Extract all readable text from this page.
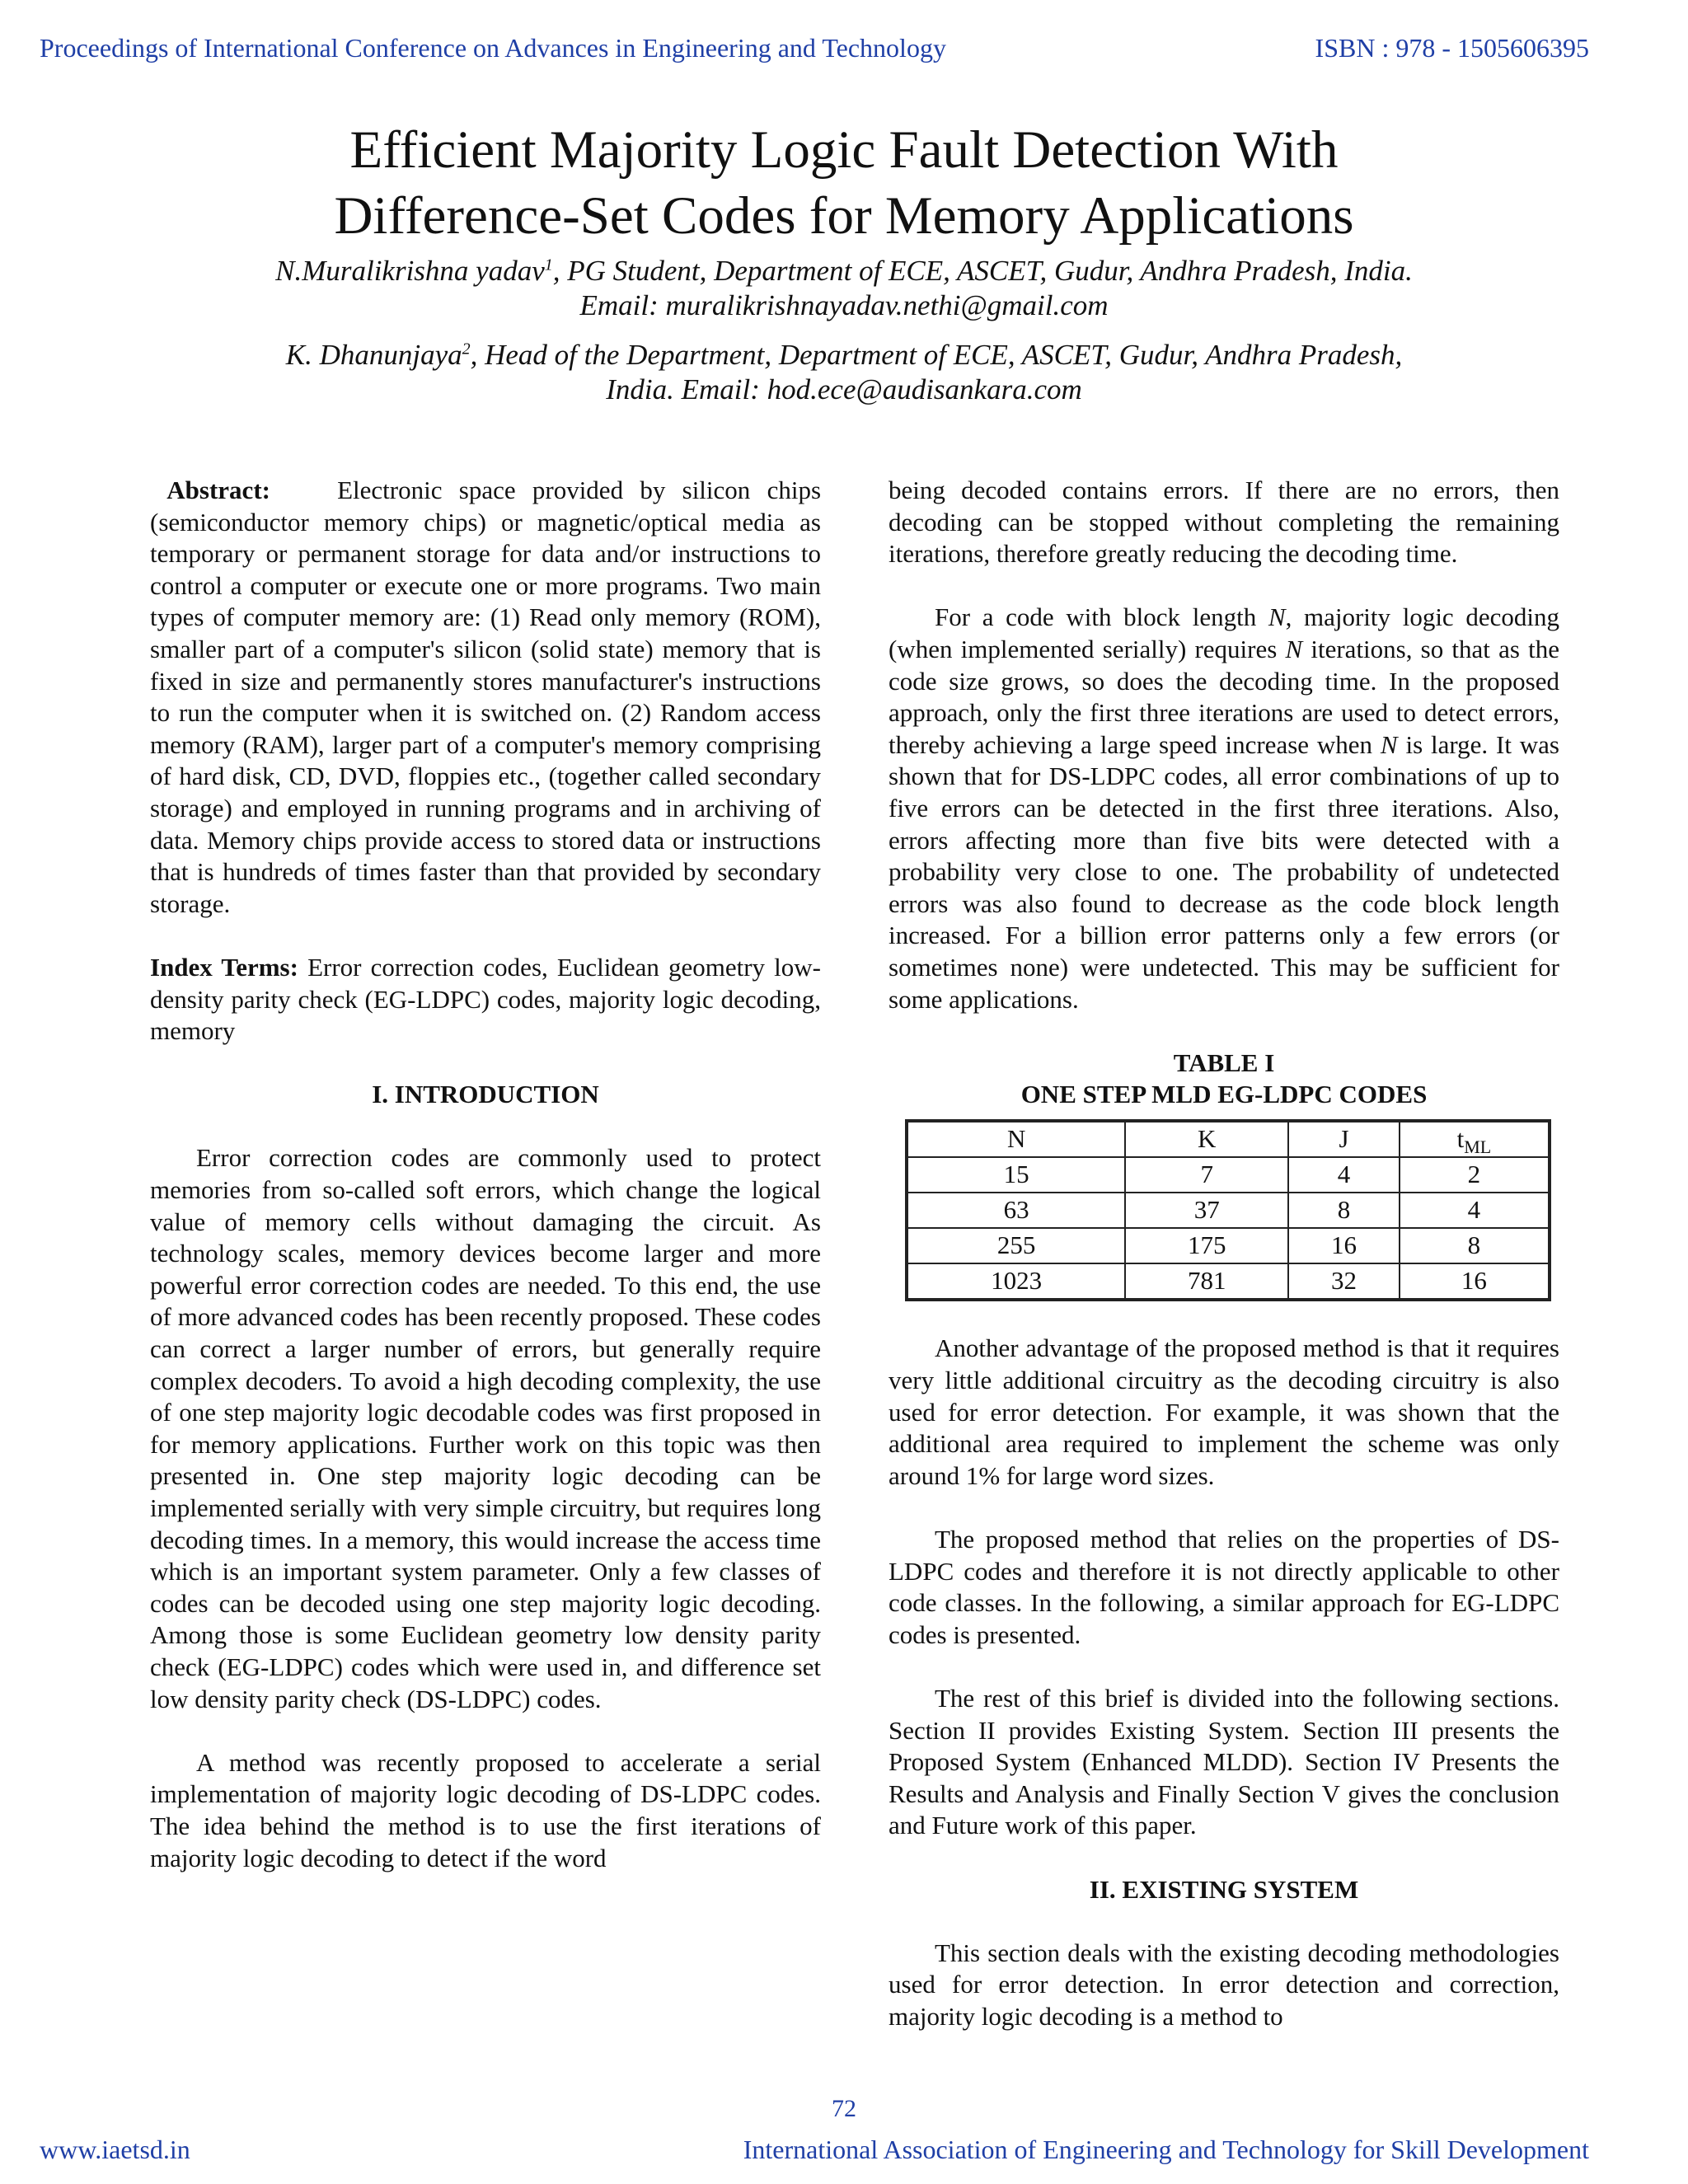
Proceedings of International Conference on Advances in Engineering and Technology	ISBN : 978 - 1505606395
Efficient Majority Logic Fault Detection With
Difference-Set Codes for Memory Applications
N.Muralikrishna yadav$^1$, PG Student, Department of ECE, ASCET, Gudur, Andhra Pradesh, India.
Email: muralikrishnayadav.nethi@gmail.com
K. Dhanunjaya$^2$, Head of the Department, Department of ECE, ASCET, Gudur, Andhra Pradesh,
India. Email: hod.ece@audisankara.com

Abstract:	Electronic space provided by silicon chips (semiconductor memory chips) or magnetic/optical media as temporary or permanent storage for data and/or instructions to control a computer or execute one or more programs. Two main types of computer memory are: (1) Read only memory (ROM), smaller part of a computer's silicon (solid state) memory that is fixed in size and permanently stores manufacturer's instructions to run the computer when it is switched on. (2) Random access memory (RAM), larger part of a computer's memory comprising of hard disk, CD, DVD, floppies etc., (together called secondary storage) and employed in running programs and in archiving of data. Memory chips provide access to stored data or instructions that is hundreds of times faster than that provided by secondary storage.

Index Terms: Error correction codes, Euclidean geometry low-density parity check (EG-LDPC) codes, majority logic decoding, memory

I. INTRODUCTION

Error correction codes are commonly used to protect memories from so-called soft errors, which change the logical value of memory cells without damaging the circuit. As technology scales, memory devices become larger and more powerful error correction codes are needed. To this end, the use of more advanced codes has been recently proposed. These codes can correct a larger number of errors, but generally require complex decoders. To avoid a high decoding complexity, the use of one step majority logic decodable codes was first proposed in for memory applications. Further work on this topic was then presented in. One step majority logic decoding can be implemented serially with very simple circuitry, but requires long decoding times. In a memory, this would increase the access time which is an important system parameter. Only a few classes of codes can be decoded using one step majority logic decoding. Among those is some Euclidean geometry low density parity check (EG-LDPC) codes which were used in, and difference set low density parity check (DS-LDPC) codes.

A method was recently proposed to accelerate a serial implementation of majority logic decoding of DS-LDPC codes. The idea behind the method is to use the first iterations of majority logic decoding to detect if the word

being decoded contains errors. If there are no errors, then decoding can be stopped without completing the remaining iterations, therefore greatly reducing the decoding time.

For a code with block length N, majority logic decoding (when implemented serially) requires N iterations, so that as the code size grows, so does the decoding time. In the proposed approach, only the first three iterations are used to detect errors, thereby achieving a large speed increase when N is large. It was shown that for DS-LDPC codes, all error combinations of up to five errors can be detected in the first three iterations. Also, errors affecting more than five bits were detected with a probability very close to one. The probability of undetected errors was also found to decrease as the code block length increased. For a billion error patterns only a few errors (or sometimes none) were undetected. This may be sufficient for some applications.

TABLE I

ONE STEP MLD EG-LDPC CODES

N	K	J	$t_{ML}$
15	7	4	2
63	37	8	4
255	175	16	8
1023	781	32	16

Another advantage of the proposed method is that it requires very little additional circuitry as the decoding circuitry is also used for error detection. For example, it was shown that the additional area required to implement the scheme was only around 1% for large word sizes.

The proposed method that relies on the properties of DS-LDPC codes and therefore it is not directly applicable to other code classes. In the following, a similar approach for EG-LDPC codes is presented.

The rest of this brief is divided into the following sections. Section II provides Existing System. Section III presents the Proposed System (Enhanced MLDD). Section IV Presents the Results and Analysis and Finally Section V gives the conclusion and Future work of this paper.

II. EXISTING SYSTEM

This section deals with the existing decoding methodologies used for error detection. In error detection and correction, majority logic decoding is a method to

72
www.iaetsd.in	International Association of Engineering and Technology for Skill Development
